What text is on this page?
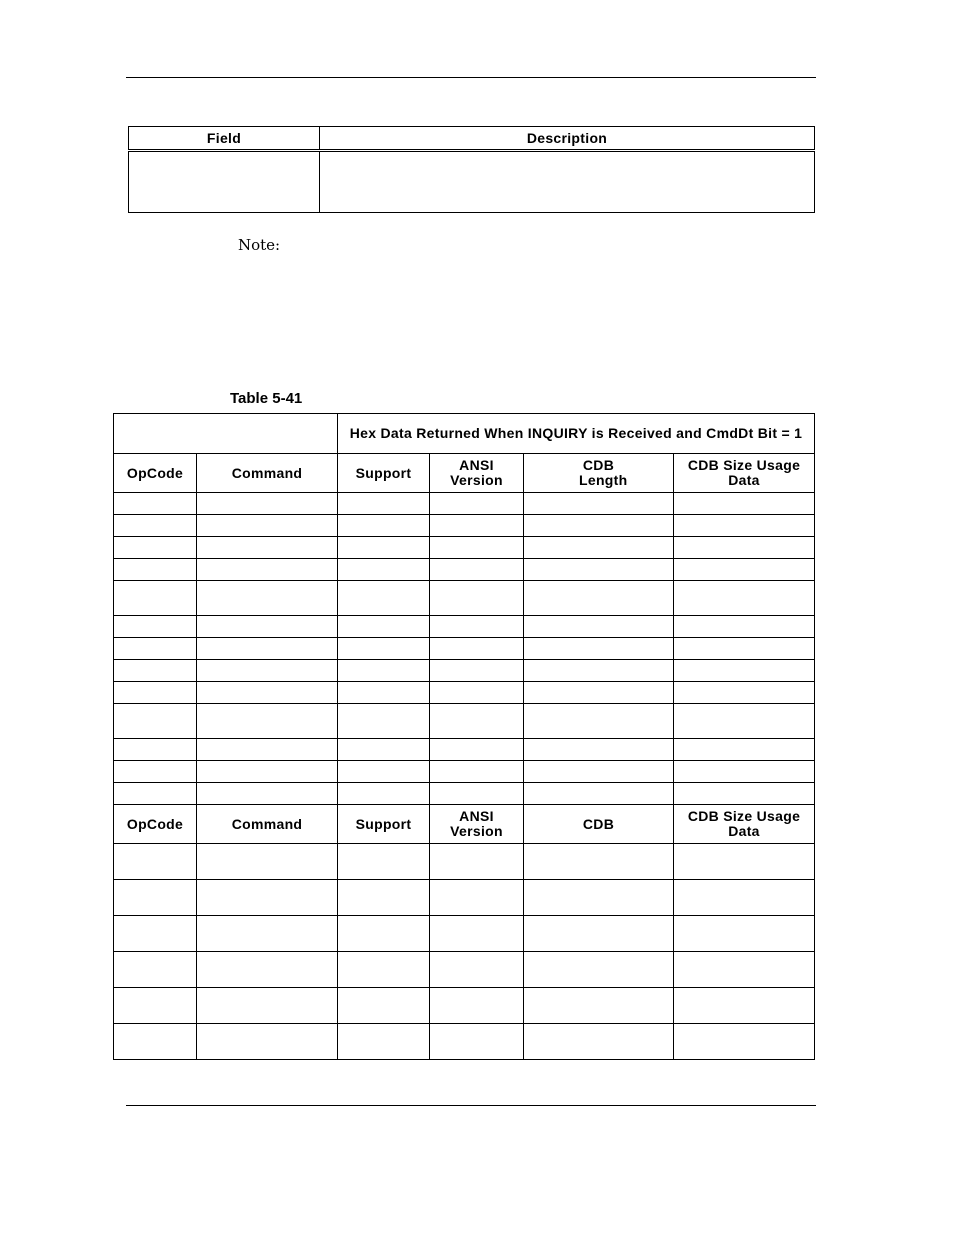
Field	Description

Note:
Table 5-41
		Hex Data Returned When INQUIRY is Received and CmdDt Bit = 1			
OpCode	Command	Support	ANSI Version	CDB Length	CDB Size Usage Data

OpCode	Command	Support	ANSI Version	CDB	CDB Size Usage Data
